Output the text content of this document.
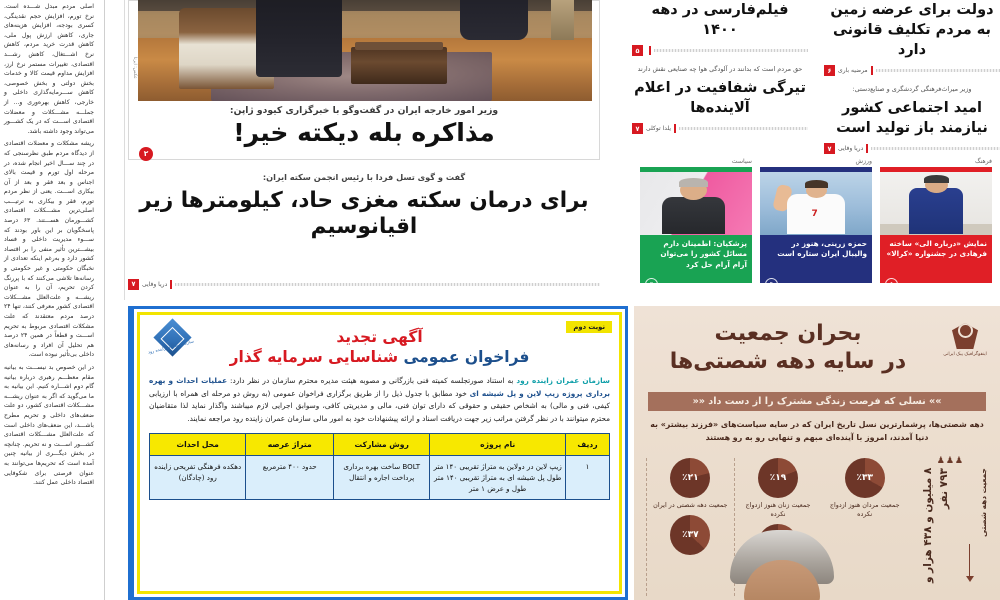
اصلی مردم مبدل شـــده است. نرخ تورم، افزایش حجم نقدینگی، کسری بودجه، افزایش هزینه‌های جاری، کاهش ارزش پول ملی، کاهش قدرت خرید مردم، کاهش نرخ اشـــتغال، کاهش رشـــد اقتصادی، تغییرات مستمر نرخ ارز، افزایش مداوم قیمت کالا و خدمات بخش دولتی و بخش خصوصی، کاهش ســـرمایه‌گذاری داخلی و خارجی، کاهش بهره‌وری و... از جملـــه مشـــکلات و معضلات اقتصادی اســـت که در یک کشـــور می‌تواند وجود داشته باشد.

ریشه مشکلات و معضلات اقتصادی از دیدگاه مردم طبق نظرسنجی که در چند ســـال اخیر انجام شده، در مرحله اول تورم و قیمت بالای اجناس و بعد فقر و بعد از آن بیکاری اســـت. یعنی از نظر مردم تورم، فقر و بیکاری به ترتیـــب اصلی‌ترین مشـــکلات اقتصادی کشـــورمان هســـتند. ۶۳ درصد پاسخگویان بر این باور بودند که ســـوء مدیریت داخلی و فساد بیشـــترین تأثیر منفی را بر اقتصاد کشور دارد و به‌رغم اینکه تعدادی از نخبگان حکومتی و غیر حکومتی و رسانه‌ها تلاشی می‌کنند که با پررنگ کردن تحریم، آن را به عنوان ریشـــه و علت‌العلل مشـــکلات اقتصادی کشور معرفی کنند، تنها ۲۴ درصد مردم معتقدند که علت مشکلات اقتصادی مربوط به تحریم اســـت و قطعاً در همین ۲۴ درصد هم تحلیل آن افراد و رسانه‌های داخلی بی‌تأثیر نبوده است.

در این خصوص بد نیســـت به بیانیه مقام معظـــم رهبری درباره بیانیه گام دوم اشـــاره کنیم. این بیانیه به ما می‌گوید که اگر به عنوان ریشـــه مشـــکلات اقتصادی کشور، دو علت ضعف‌های داخلی و تحریم مطرح باشـــد، این ضعف‌های داخلی است که علت‌العلل مشـــکلات اقتصادی کشـــور اســـت و نه تحریم. چنانچه در بخش دیگـــری از بیانیه چنین آمده است که تحریم‌ها می‌توانند به عنوان فرصتی برای شکوفایی اقتصاد داخلی عمل کنند.

عکس: ایرنا
وزیر امور خارجه ایران در گفت‌وگو با خبرگزاری کیودو ژاپن:
مذاکره بله دیکته خیر!
۲
گفت و گوی تسل فردا با رئیس انجمن سکته ایران:
برای درمان سکته مغزی حاد، کیلومترها زیر اقیانوسیم
۷	دریا وفایی
دولت برای عرضه زمین به مردم تکلیف قانونی دارد
۶	مرضیه باری
وزیر میراث‌فرهنگی گردشگری و صنایع‌دستی:
امید اجتماعی کشور نیازمند باز تولید است
۷	دریا وفایی
فیلم‌فارسی در دهه ۱۴۰۰
۵
حق مردم است که بدانند در آلودگی هوا چه صنایعی نقش دارند
تیرگی شفافیت در اعلام آلاینده‌ها
۷	یلدا توکلی
سیاست
پزشکیان: اطمینان دارم مسائل کشور را می‌توان آرام آرام حل کرد
۳
ورزش
7
حمزه زرینی، هنوز در والیبال ایران ستاره است
۴
فرهنگ
نمایش «درباره الی» ساخته فرهادی در جشنواره «کرالا»
۵
نوبت دوم
سازمان عمران زاینده رود
آگهی تجدید
فراخوان عمومی شناسایی سرمایه گذار
سازمان عمران زاینده رود به استناد صورتجلسه کمیته فنی بازرگانی و مصوبه هیئت مدیره محترم سازمان در نظر دارد: عملیات احداث و بهره برداری پروژه زیپ لاین و پل شیشه ای خود مطابق با جدول ذیل را از طریق برگزاری فراخوان عمومی (به روش دو مرحله ای همراه با ارزیابی کیفی، فنی و مالی) به اشخاص حقیقی و حقوقی که دارای توان فنی، مالی و مدیریتی کافی، وسوابق اجرایی لازم میباشند واگذار نماید لذا متقاضیان محترم میتوانند با در نظر گرفتن مراتب زیر جهت دریافت اسناد و ارائه پیشنهادات خود به امور مالی سازمان عمران زاینده رود مراجعه نمایند.
ردیف	نام پروژه	روش مشارکت	متراژ عرصه	محل احداث
۱	زیپ لاین در دولاین به متراژ تقریبی ۱۴۰ متر طول پل شیشه ای به متراژ تقریبی ۱۴۰ متر طول و عرض ۱ متر	BOLT ساخت بهره برداری پرداخت اجاره و انتقال	حدود ۴۰۰ مترمربع	دهکده فرهنگی تفریحی زاینده رود (چادگان)
اینفوگرافیک پیک ایرانی
بحران جمعیت
در سایه دهه شصتی‌ها
»» نسلی که فرصت زندگی مشترک را از دست داد ««
دهه شصتی‌ها، پرشمارترین نسل تاریخ ایران که در سایه سیاست‌های «فرزند بیشتر» به دنیا آمدند، امروز با آینده‌ای مبهم و تنهایی رو به رو هستند
٪۲۱
جمعیت دهه شصتی در ایران
٪۳۷
٪۱۹
جمعیت زنان هنوز ازدواج نکرده
٪۳۳
جمعیت مردان هنوز ازدواج نکرده
♟♟♟
۸ میلیون و ۴۳۸ هزار و ۷۹۳ نفر	جمعیت دهه شصتی
